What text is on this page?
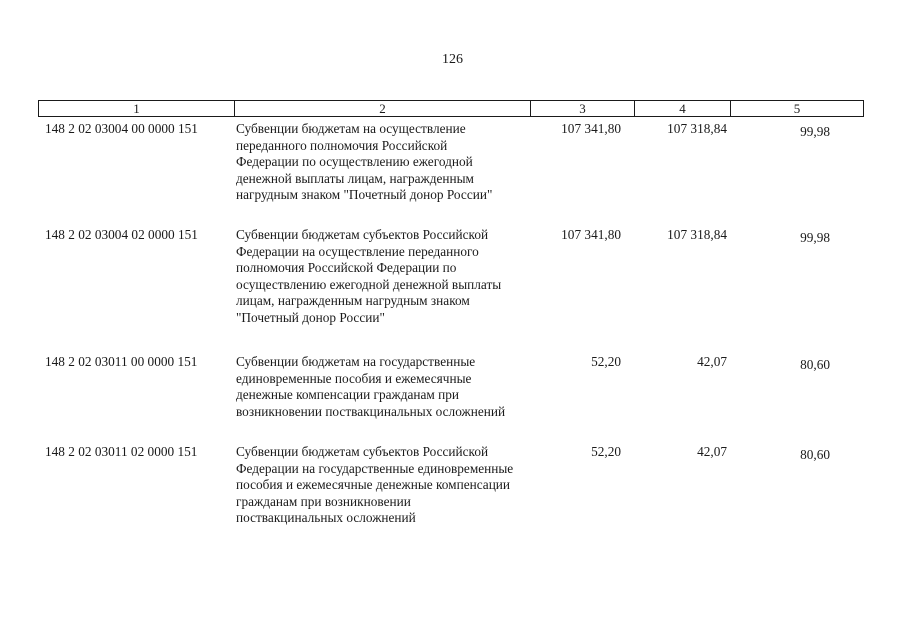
126
1	2	3	4	5
148 2 02 03004 00 0000 151	Субвенции бюджетам на осуществление
переданного полномочия Российской
Федерации по осуществлению ежегодной
денежной выплаты лицам, награжденным
нагрудным знаком "Почетный донор России"
107 341,80	107 318,84	99,98
148 2 02 03004 02 0000 151	Субвенции бюджетам субъектов Российской
Федерации на осуществление переданного
полномочия Российской Федерации по
осуществлению ежегодной денежной выплаты
лицам, награжденным нагрудным знаком
"Почетный донор России"
107 341,80	107 318,84	99,98
148 2 02 03011 00 0000 151	Субвенции бюджетам на государственные
единовременные пособия и ежемесячные
денежные компенсации гражданам при
возникновении поствакцинальных осложнений
52,20	42,07	80,60
148 2 02 03011 02 0000 151	Субвенции бюджетам субъектов Российской
Федерации на государственные единовременные
пособия и ежемесячные денежные компенсации
гражданам при возникновении
поствакцинальных осложнений
52,20	42,07	80,60
